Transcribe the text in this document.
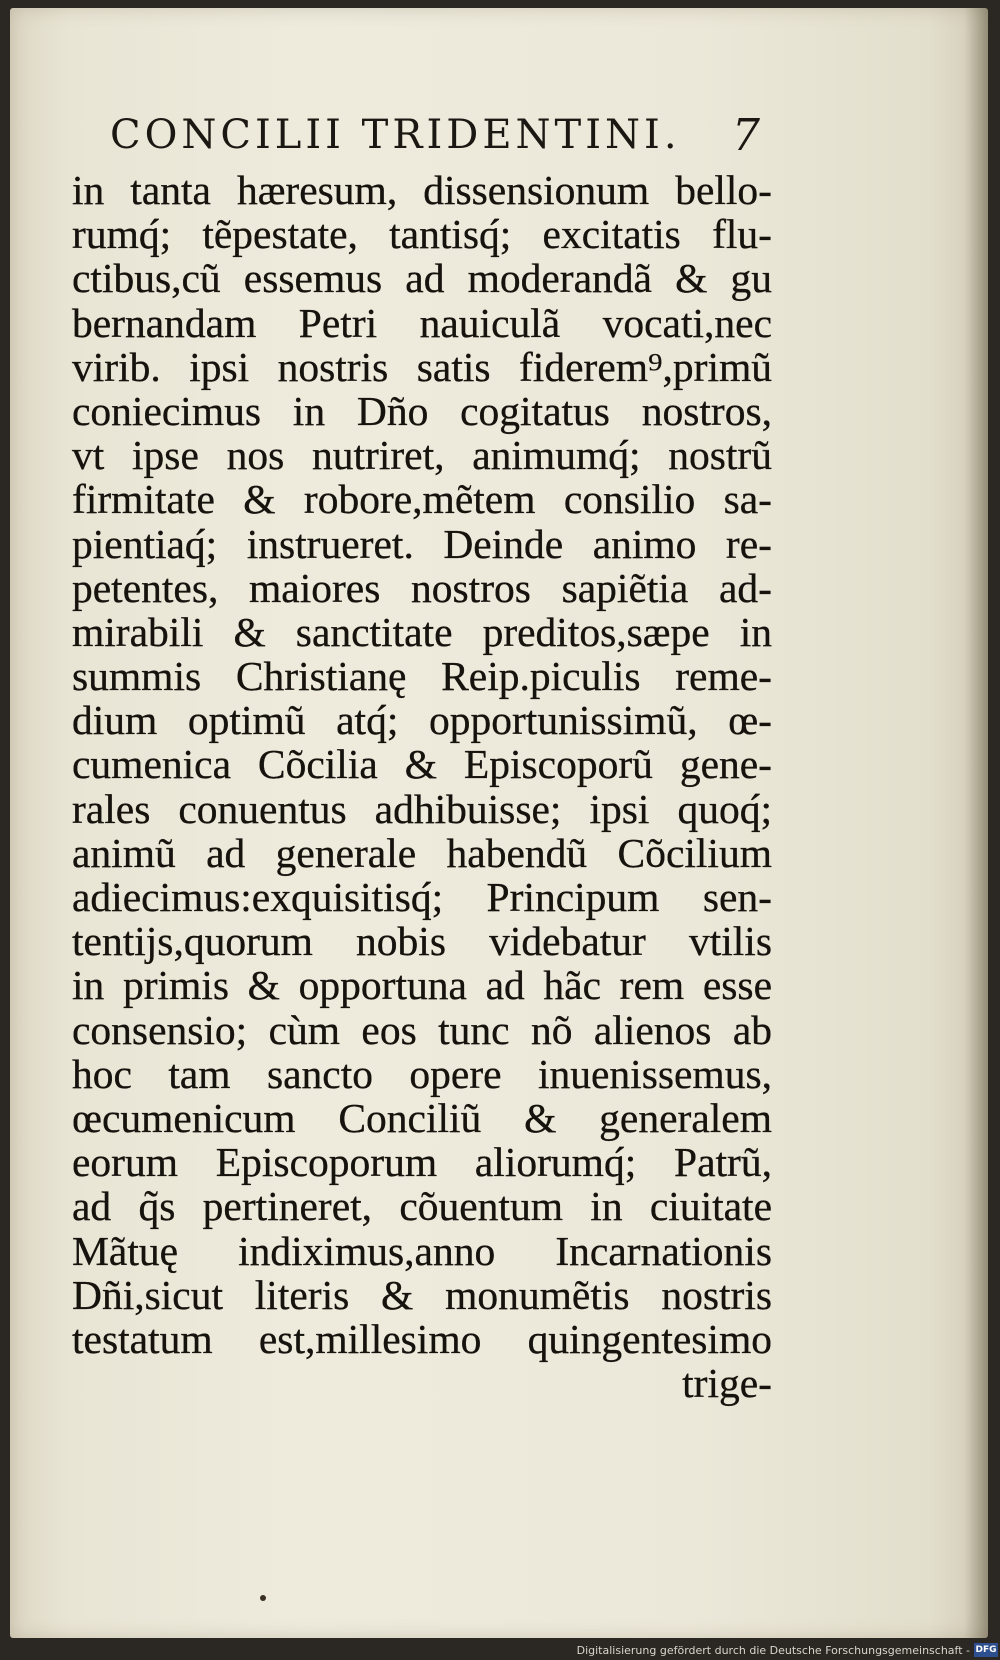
CONCILII TRIDENTINI. 7
in tanta hæresum, dissensionum bello-
rumq́; tẽpestate, tantisq́; excitatis flu-
ctibus,cũ essemus ad moderandã & gu
bernandam Petri nauiculã vocati,nec
virib. ipsi nostris satis fiderem⁹,primũ
coniecimus in Dño cogitatus nostros,
vt ipse nos nutriret, animumq́; nostrũ
firmitate & robore,mẽtem consilio sa-
pientiaq́; instrueret. Deinde animo re-
petentes, maiores nostros sapiẽtia ad-
mirabili & sanctitate preditos,sæpe in
summis Christianę Reip.piculis reme-
dium optimũ atq́; opportunissimũ, œ-
cumenica Cõcilia & Episcoporũ gene-
rales conuentus adhibuisse; ipsi quoq́;
animũ ad generale habendũ Cõcilium
adiecimus:exquisitisq́; Principum sen-
tentijs,quorum nobis videbatur vtilis
in primis & opportuna ad hãc rem esse
consensio; cùm eos tunc nõ alienos ab
hoc tam sancto opere inuenissemus,
œcumenicum Conciliũ & generalem
eorum Episcoporum aliorumq́; Patrũ,
ad q̃s pertineret, cõuentum in ciuitate
Mãtuę indiximus,anno Incarnationis
Dñi,sicut literis & monumẽtis nostris
testatum est,millesimo quingentesimo
trige-
Digitalisierung gefördert durch die Deutsche Forschungsgemeinschaft - DFG
